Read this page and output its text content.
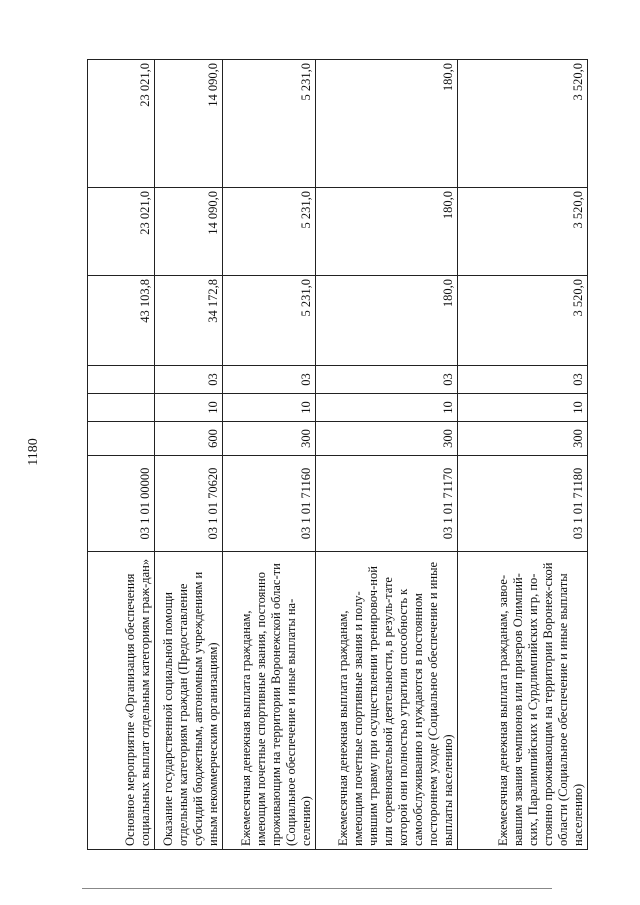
1180
Основное мероприятие «Организация обеспечения социальных выплат отдельным категориям граж-дан»	03 1 01 00000				43 103,8	23 021,0	23 021,0
Оказание государственной социальной помощи отдельным категориям граждан (Предоставление субсидий бюджетным, автономным учреждениям и иным некоммерческим организациям)	03 1 01 70620	600	10	03	34 172,8	14 090,0	14 090,0
Ежемесячная денежная выплата гражданам, имеющим почетные спортивные звания, постоянно проживающим на территории Воронежской облас-ти (Социальное обеспечение и иные выплаты на-селению)	03 1 01 71160	300	10	03	5 231,0	5 231,0	5 231,0
Ежемесячная денежная выплата гражданам, имеющим почетные спортивные звания и полу-чившим травму при осуществлении тренировоч-ной или соревновательной деятельности, в резуль-тате которой они полностью утратили способность к самообслуживанию и нуждаются в постоянном постороннем уходе (Социальное обеспечение и иные выплаты населению)	03 1 01 71170	300	10	03	180,0	180,0	180,0
Ежемесячная денежная выплата гражданам, завое-вавшим звания чемпионов или призеров Олимпий-ских, Паралимпийских и Сурдлимпийских игр, по-стоянно проживающим на территории Воронеж-ской области (Социальное обеспечение и иные выплаты населению)	03 1 01 71180	300	10	03	3 520,0	3 520,0	3 520,0
